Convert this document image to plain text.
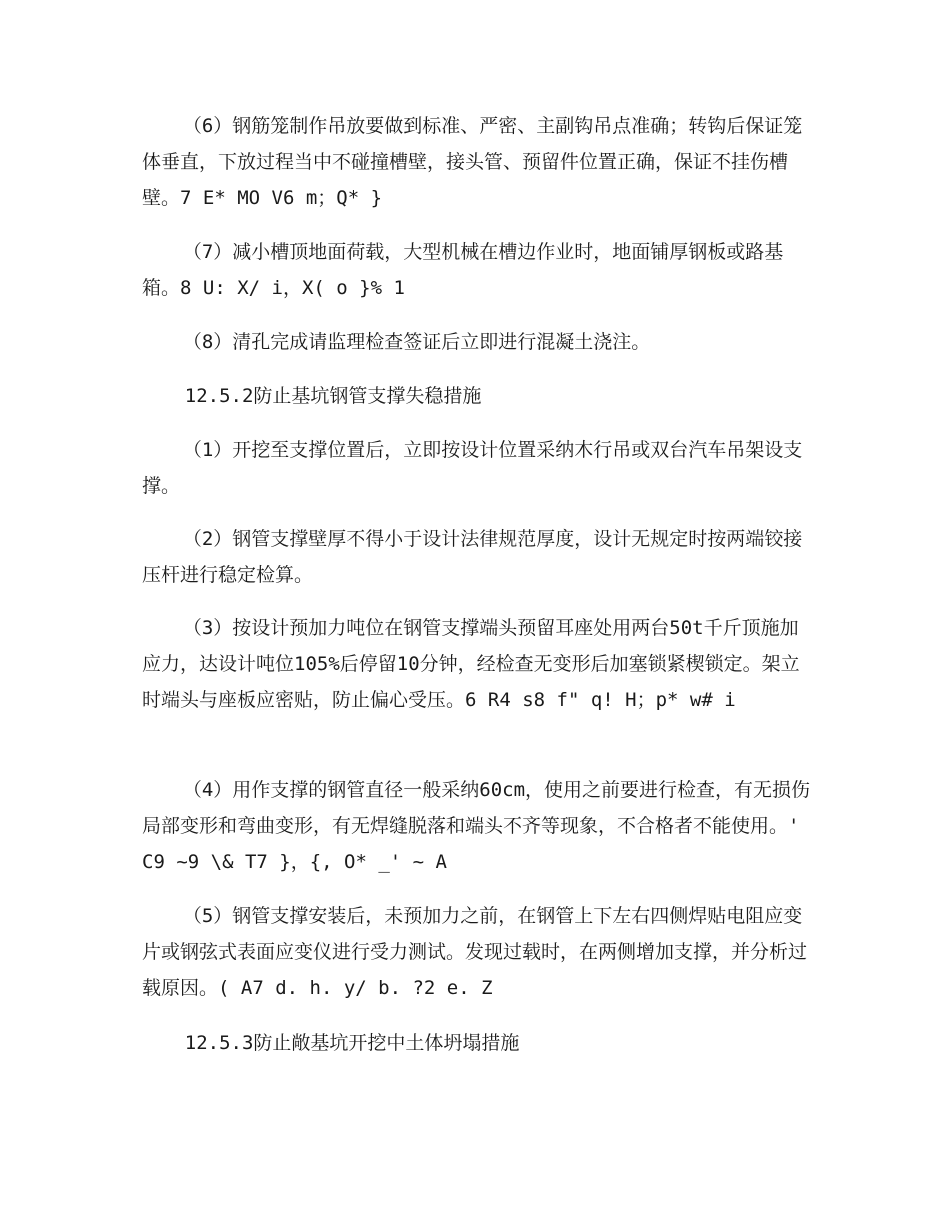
（6）钢筋笼制作吊放要做到标准、严密、主副钩吊点准确；转钩后保证笼体垂直，下放过程当中不碰撞槽壁，接头管、预留件位置正确，保证不挂伤槽壁。7 E* MO V6 m；Q* }

（7）减小槽顶地面荷载，大型机械在槽边作业时，地面铺厚钢板或路基箱。8 U: X/ i，X( o }% 1

（8）清孔完成请监理检查签证后立即进行混凝土浇注。

12.5.2防止基坑钢管支撑失稳措施

（1）开挖至支撑位置后，立即按设计位置采纳木行吊或双台汽车吊架设支撑。

（2）钢管支撑壁厚不得小于设计法律规范厚度，设计无规定时按两端铰接压杆进行稳定检算。

（3）按设计预加力吨位在钢管支撑端头预留耳座处用两台50t千斤顶施加应力，达设计吨位105%后停留10分钟，经检查无变形后加塞锁紧楔锁定。架立时端头与座板应密贴，防止偏心受压。6 R4 s8 f" q! H；p* w# i

（4）用作支撑的钢管直径一般采纳60cm，使用之前要进行检查，有无损伤局部变形和弯曲变形，有无焊缝脱落和端头不齐等现象，不合格者不能使用。' C9 ~9 \& T7 }，{, O* _' ~ A

（5）钢管支撑安装后，未预加力之前，在钢管上下左右四侧焊贴电阻应变片或钢弦式表面应变仪进行受力测试。发现过载时，在两侧增加支撑，并分析过载原因。( A7 d. h. y/ b. ?2 e. Z

12.5.3防止敞基坑开挖中土体坍塌措施
